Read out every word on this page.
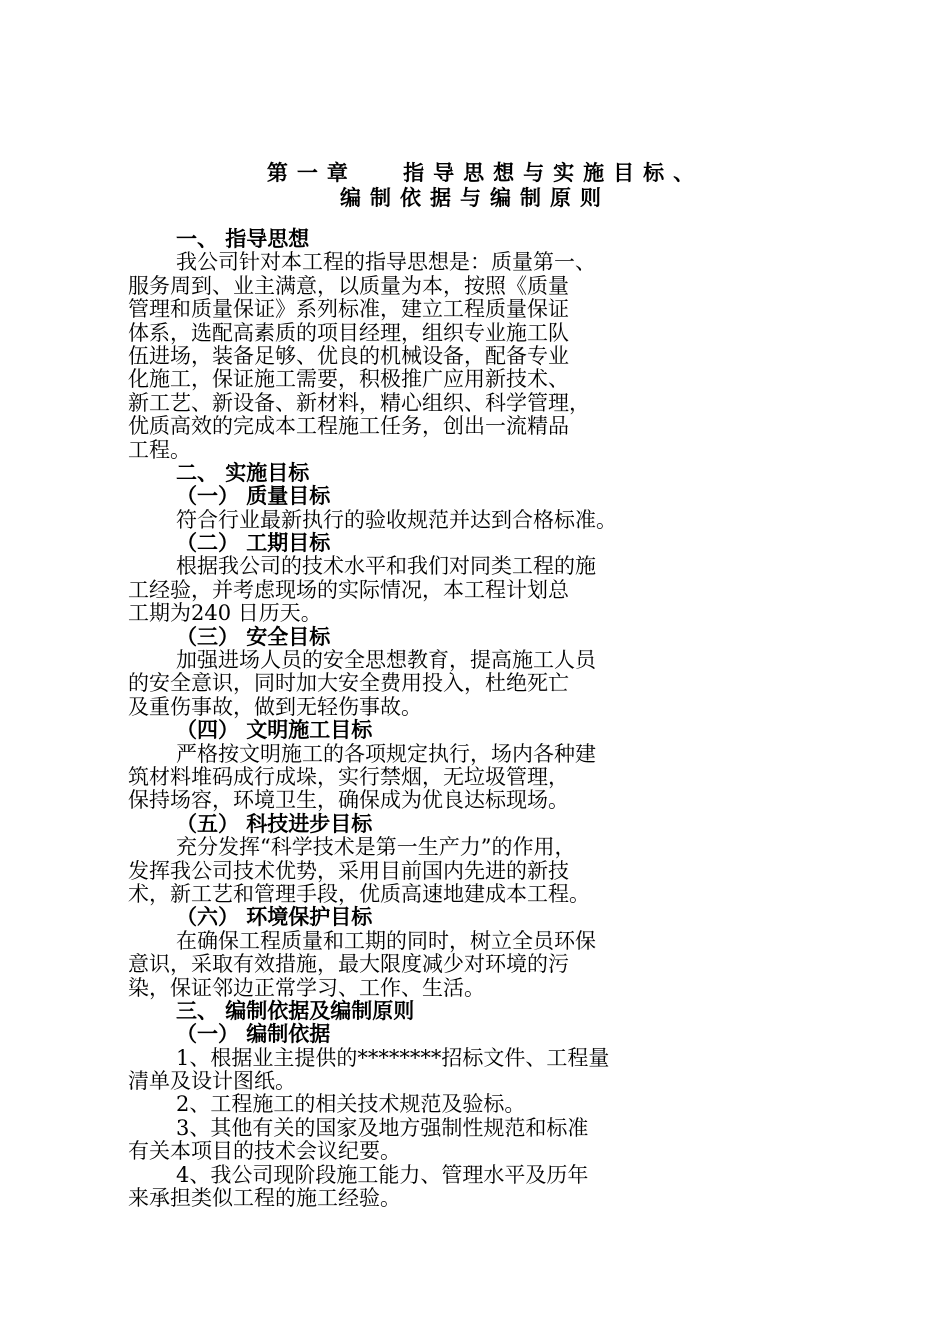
第一章　 指导思想与实施目标、
编制依据与编制原则
一、 指导思想
我公司针对本工程的指导思想是：质量第一、
服务周到、业主满意，以质量为本，按照《质量
管理和质量保证》系列标准，建立工程质量保证
体系，选配高素质的项目经理，组织专业施工队
伍进场，装备足够、优良的机械设备，配备专业
化施工，保证施工需要，积极推广应用新技术、
新工艺、新设备、新材料，精心组织、科学管理，
优质高效的完成本工程施工任务，创出一流精品
工程。
二、 实施目标
（一） 质量目标
符合行业最新执行的验收规范并达到合格标准。
（二） 工期目标
根据我公司的技术水平和我们对同类工程的施
工经验，并考虑现场的实际情况，本工程计划总
工期为240 日历天。
（三） 安全目标
加强进场人员的安全思想教育，提高施工人员
的安全意识，同时加大安全费用投入，杜绝死亡
及重伤事故，做到无轻伤事故。
（四） 文明施工目标
严格按文明施工的各项规定执行，场内各种建
筑材料堆码成行成垛，实行禁烟，无垃圾管理，
保持场容，环境卫生，确保成为优良达标现场。
（五） 科技进步目标
充分发挥“科学技术是第一生产力”的作用，
发挥我公司技术优势，采用目前国内先进的新技
术，新工艺和管理手段，优质高速地建成本工程。
（六） 环境保护目标
在确保工程质量和工期的同时，树立全员环保
意识，采取有效措施，最大限度减少对环境的污
染，保证邻边正常学习、工作、生活。
三、 编制依据及编制原则
（一） 编制依据
1、根据业主提供的********招标文件、工程量
清单及设计图纸。
2、工程施工的相关技术规范及验标。
3、其他有关的国家及地方强制性规范和标准
有关本项目的技术会议纪要。
4、我公司现阶段施工能力、管理水平及历年
来承担类似工程的施工经验。
